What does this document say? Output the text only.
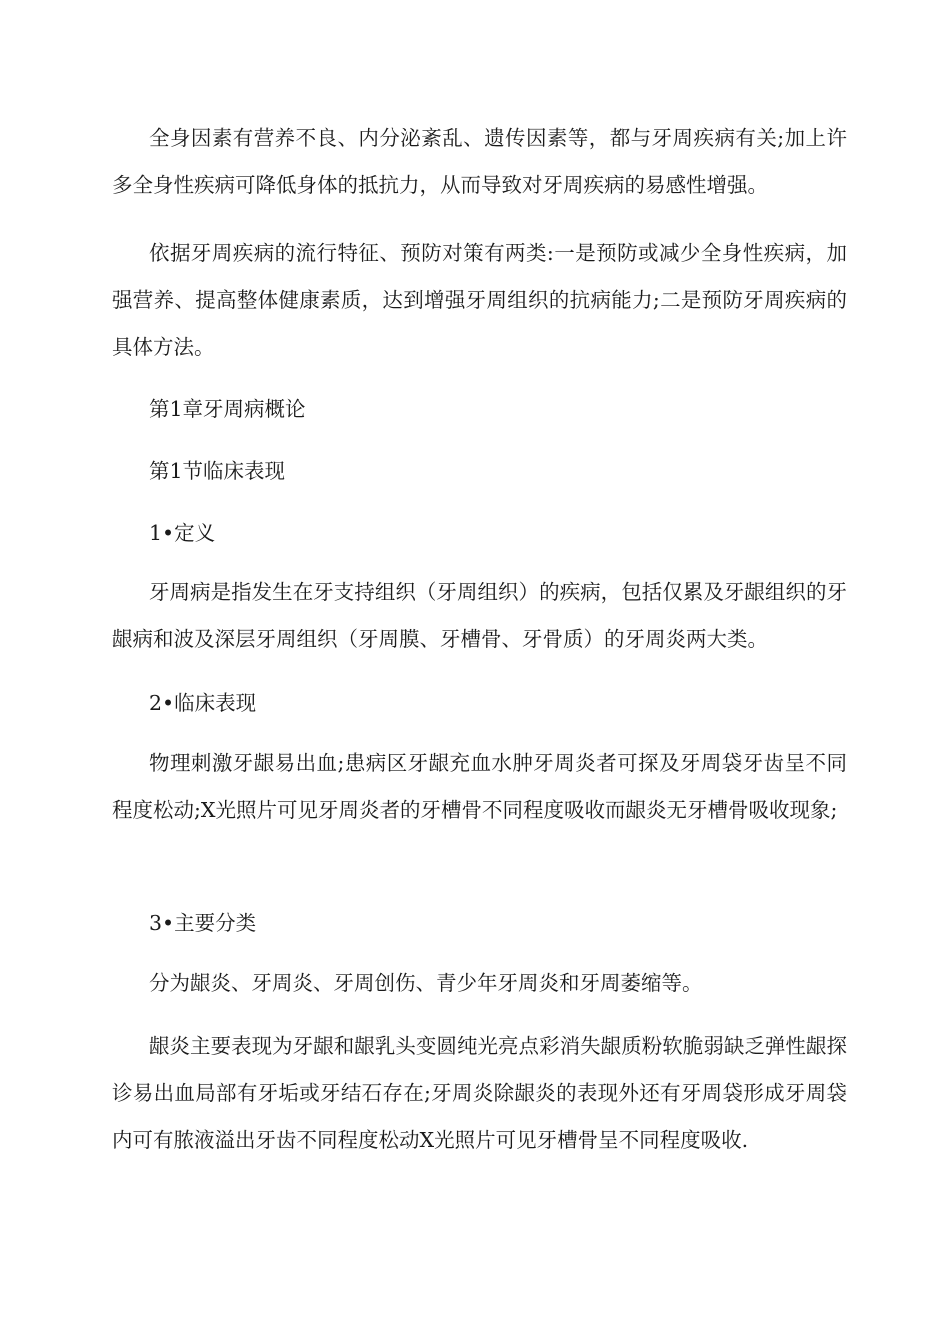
全身因素有营养不良、内分泌紊乱、遗传因素等，都与牙周疾病有关;加上许多全身性疾病可降低身体的抵抗力，从而导致对牙周疾病的易感性增强。

依据牙周疾病的流行特征、预防对策有两类:一是预防或减少全身性疾病，加强营养、提高整体健康素质，达到增强牙周组织的抗病能力;二是预防牙周疾病的具体方法。

第1章牙周病概论

第1节临床表现

1•定义

牙周病是指发生在牙支持组织（牙周组织）的疾病，包括仅累及牙龈组织的牙龈病和波及深层牙周组织（牙周膜、牙槽骨、牙骨质）的牙周炎两大类。

2•临床表现

物理刺激牙龈易出血;患病区牙龈充血水肿牙周炎者可探及牙周袋牙齿呈不同程度松动;X光照片可见牙周炎者的牙槽骨不同程度吸收而龈炎无牙槽骨吸收现象;

3•主要分类

分为龈炎、牙周炎、牙周创伤、青少年牙周炎和牙周萎缩等。

龈炎主要表现为牙龈和龈乳头变圆纯光亮点彩消失龈质粉软脆弱缺乏弹性龈探诊易出血局部有牙垢或牙结石存在;牙周炎除龈炎的表现外还有牙周袋形成牙周袋内可有脓液溢出牙齿不同程度松动X光照片可见牙槽骨呈不同程度吸收.
